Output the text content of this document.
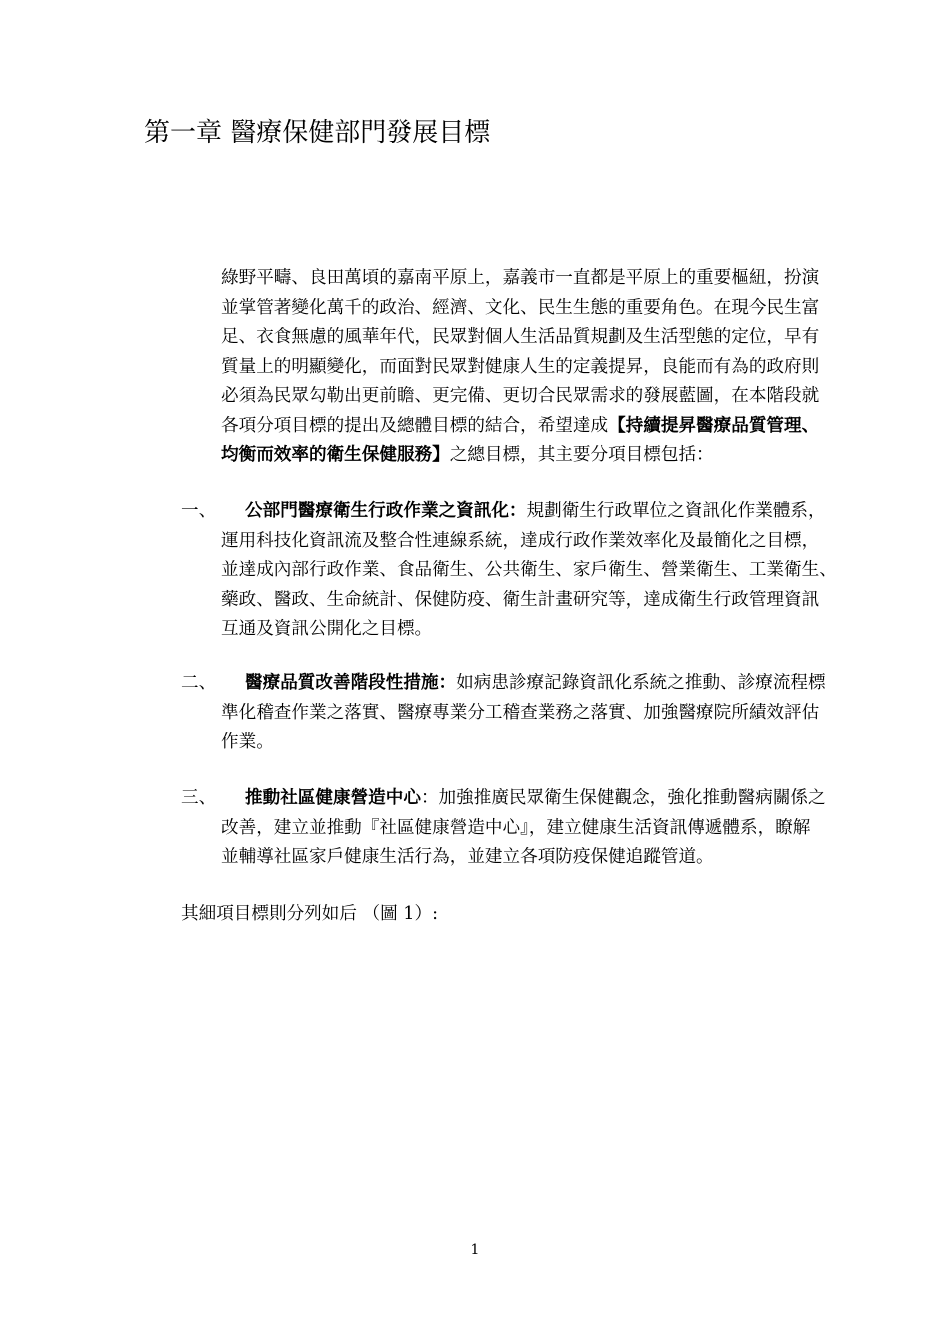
第一章 醫療保健部門發展目標
綠野平疇、良田萬頃的嘉南平原上，嘉義市一直都是平原上的重要樞紐，扮演
並掌管著變化萬千的政治、經濟、文化、民生生態的重要角色。在現今民生富
足、衣食無慮的風華年代，民眾對個人生活品質規劃及生活型態的定位，早有
質量上的明顯變化，而面對民眾對健康人生的定義提昇，良能而有為的政府則
必須為民眾勾勒出更前瞻、更完備、更切合民眾需求的發展藍圖，在本階段就
各項分項目標的提出及總體目標的結合，希望達成【持續提昇醫療品質管理、
均衡而效率的衛生保健服務】之總目標，其主要分項目標包括：
一、	公部門醫療衛生行政作業之資訊化：規劃衛生行政單位之資訊化作業體系，
運用科技化資訊流及整合性連線系統，達成行政作業效率化及最簡化之目標，
並達成內部行政作業、食品衛生、公共衛生、家戶衛生、營業衛生、工業衛生、
藥政、醫政、生命統計、保健防疫、衛生計畫研究等，達成衛生行政管理資訊
互通及資訊公開化之目標。
二、	醫療品質改善階段性措施：如病患診療記錄資訊化系統之推動、診療流程標
準化稽查作業之落實、醫療專業分工稽查業務之落實、加強醫療院所績效評估
作業。
三、	推動社區健康營造中心：加強推廣民眾衛生保健觀念，強化推動醫病關係之
改善，建立並推動『社區健康營造中心』，建立健康生活資訊傳遞體系，瞭解
並輔導社區家戶健康生活行為，並建立各項防疫保健追蹤管道。
其細項目標則分列如后 （圖 1）:
1
